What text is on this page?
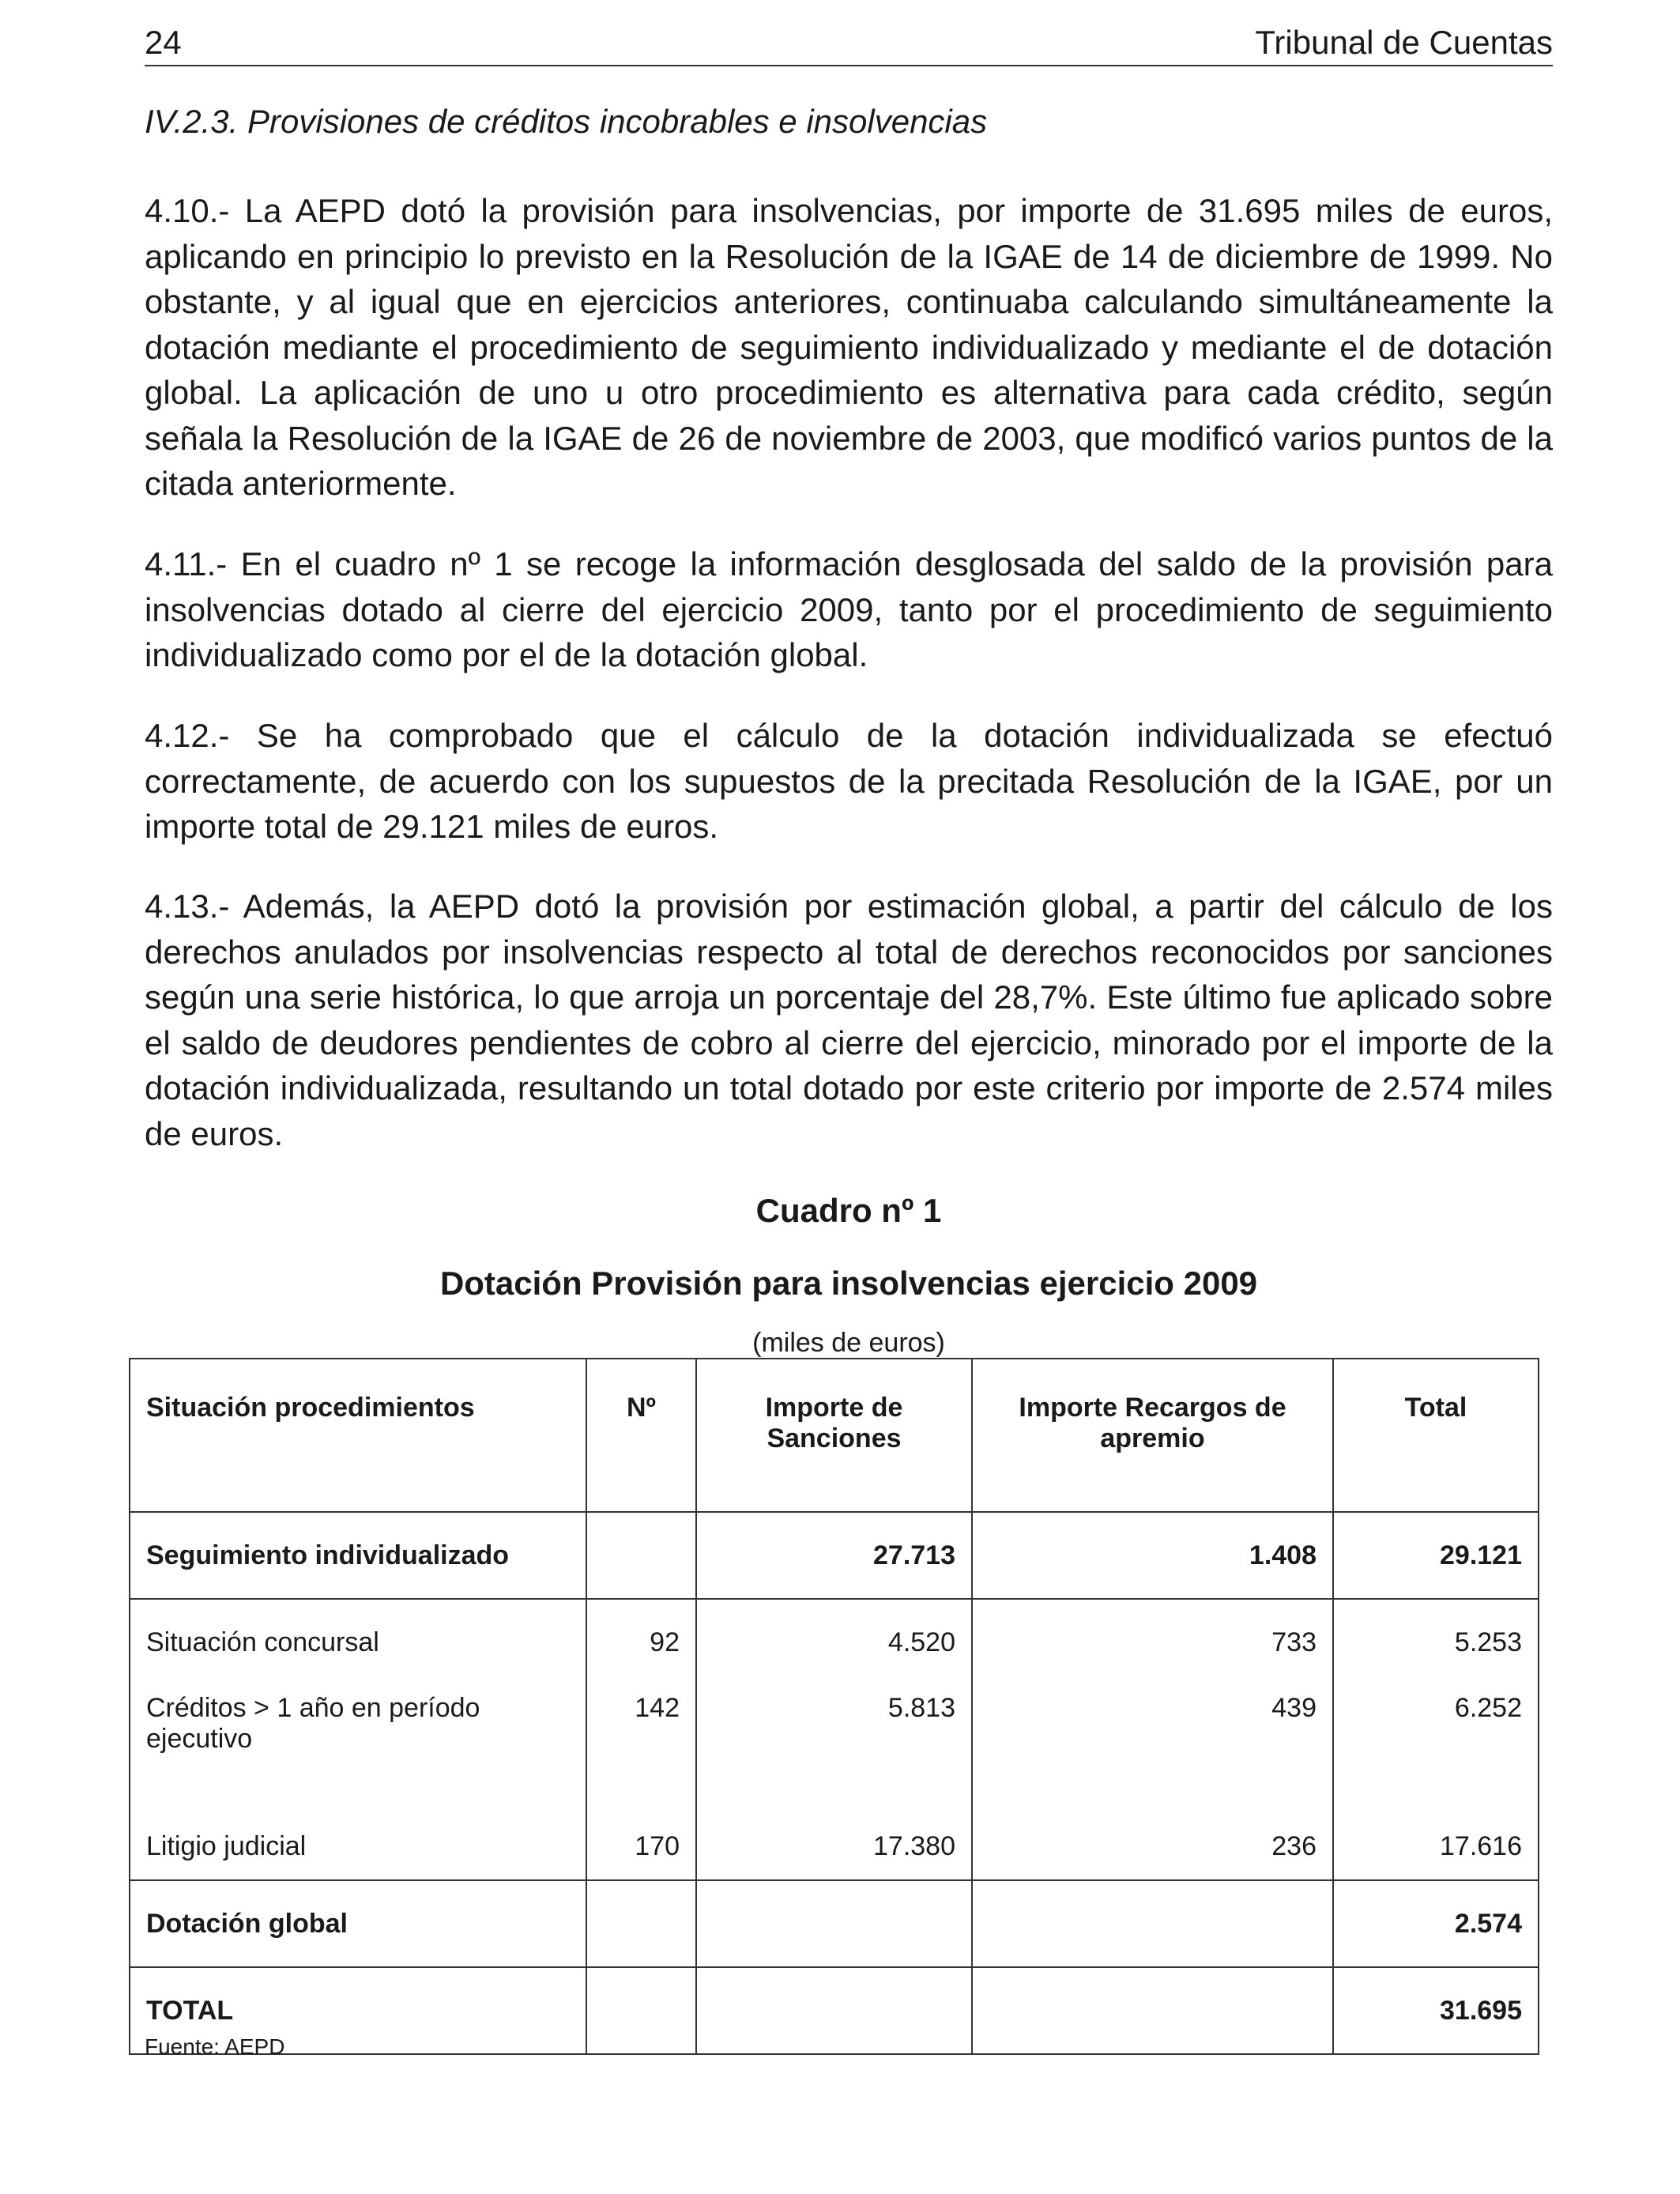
24	Tribunal de Cuentas
IV.2.3. Provisiones de créditos incobrables e insolvencias

4.10.- La AEPD dotó la provisión para insolvencias, por importe de 31.695 miles de euros, aplicando en principio lo previsto en la Resolución de la IGAE de 14 de diciembre de 1999. No obstante, y al igual que en ejercicios anteriores, continuaba calculando simultáneamente la dotación mediante el procedimiento de seguimiento individualizado y mediante el de dotación global. La aplicación de uno u otro procedimiento es alternativa para cada crédito, según señala la Resolución de la IGAE de 26 de noviembre de 2003, que modificó varios puntos de la citada anteriormente.

4.11.- En el cuadro nº 1 se recoge la información desglosada del saldo de la provisión para insolvencias dotado al cierre del ejercicio 2009, tanto por el procedimiento de seguimiento individualizado como por el de la dotación global.

4.12.- Se ha comprobado que el cálculo de la dotación individualizada se efectuó correctamente, de acuerdo con los supuestos de la precitada Resolución de la IGAE, por un importe total de 29.121 miles de euros.

4.13.- Además, la AEPD dotó la provisión por estimación global, a partir del cálculo de los derechos anulados por insolvencias respecto al total de derechos reconocidos por sanciones según una serie histórica, lo que arroja un porcentaje del 28,7%. Este último fue aplicado sobre el saldo de deudores pendientes de cobro al cierre del ejercicio, minorado por el importe de la dotación individualizada, resultando un total dotado por este criterio por importe de 2.574 miles de euros.

Cuadro nº 1
Dotación Provisión para insolvencias ejercicio 2009
(miles de euros)
Situación procedimientos	Nº	Importe de Sanciones	Importe Recargos de apremio	Total
Seguimiento individualizado		27.713	1.408	29.121
Situación concursal	92	4.520	733	5.253
Créditos > 1 año en período ejecutivo	142	5.813	439	6.252
Litigio judicial	170	17.380	236	17.616
Dotación global				2.574
TOTAL				31.695
Fuente: AEPD
